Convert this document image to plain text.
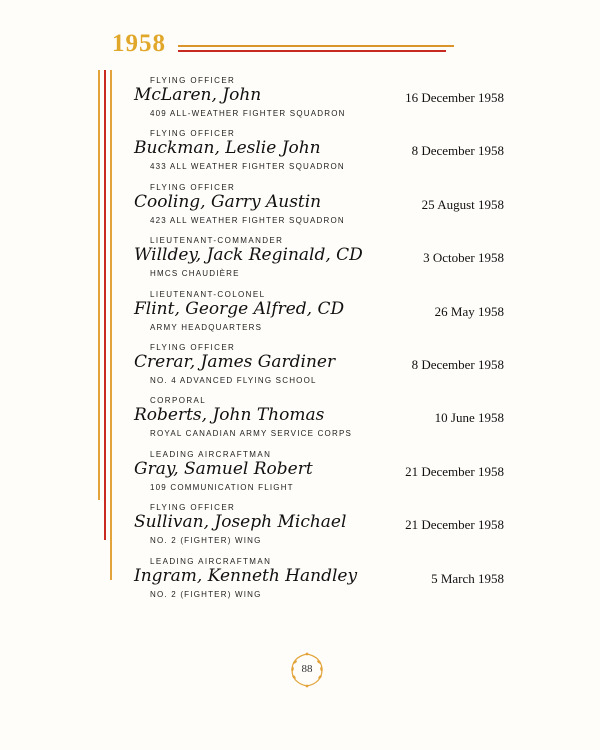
1958
FLYING OFFICER
McLaren, John
409 ALL-WEATHER FIGHTER SQUADRON
16 December 1958
FLYING OFFICER
Buckman, Leslie John
433 ALL WEATHER FIGHTER SQUADRON
8 December 1958
FLYING OFFICER
Cooling, Garry Austin
423 ALL WEATHER FIGHTER SQUADRON
25 August 1958
LIEUTENANT-COMMANDER
Willdey, Jack Reginald, CD
HMCS CHAUDIÈRE
3 October 1958
LIEUTENANT-COLONEL
Flint, George Alfred, CD
ARMY HEADQUARTERS
26 May 1958
FLYING OFFICER
Crerar, James Gardiner
NO. 4 ADVANCED FLYING SCHOOL
8 December 1958
CORPORAL
Roberts, John Thomas
ROYAL CANADIAN ARMY SERVICE CORPS
10 June 1958
LEADING AIRCRAFTMAN
Gray, Samuel Robert
109 COMMUNICATION FLIGHT
21 December 1958
FLYING OFFICER
Sullivan, Joseph Michael
NO. 2 (FIGHTER) WING
21 December 1958
LEADING AIRCRAFTMAN
Ingram, Kenneth Handley
NO. 2 (FIGHTER) WING
5 March 1958
88
